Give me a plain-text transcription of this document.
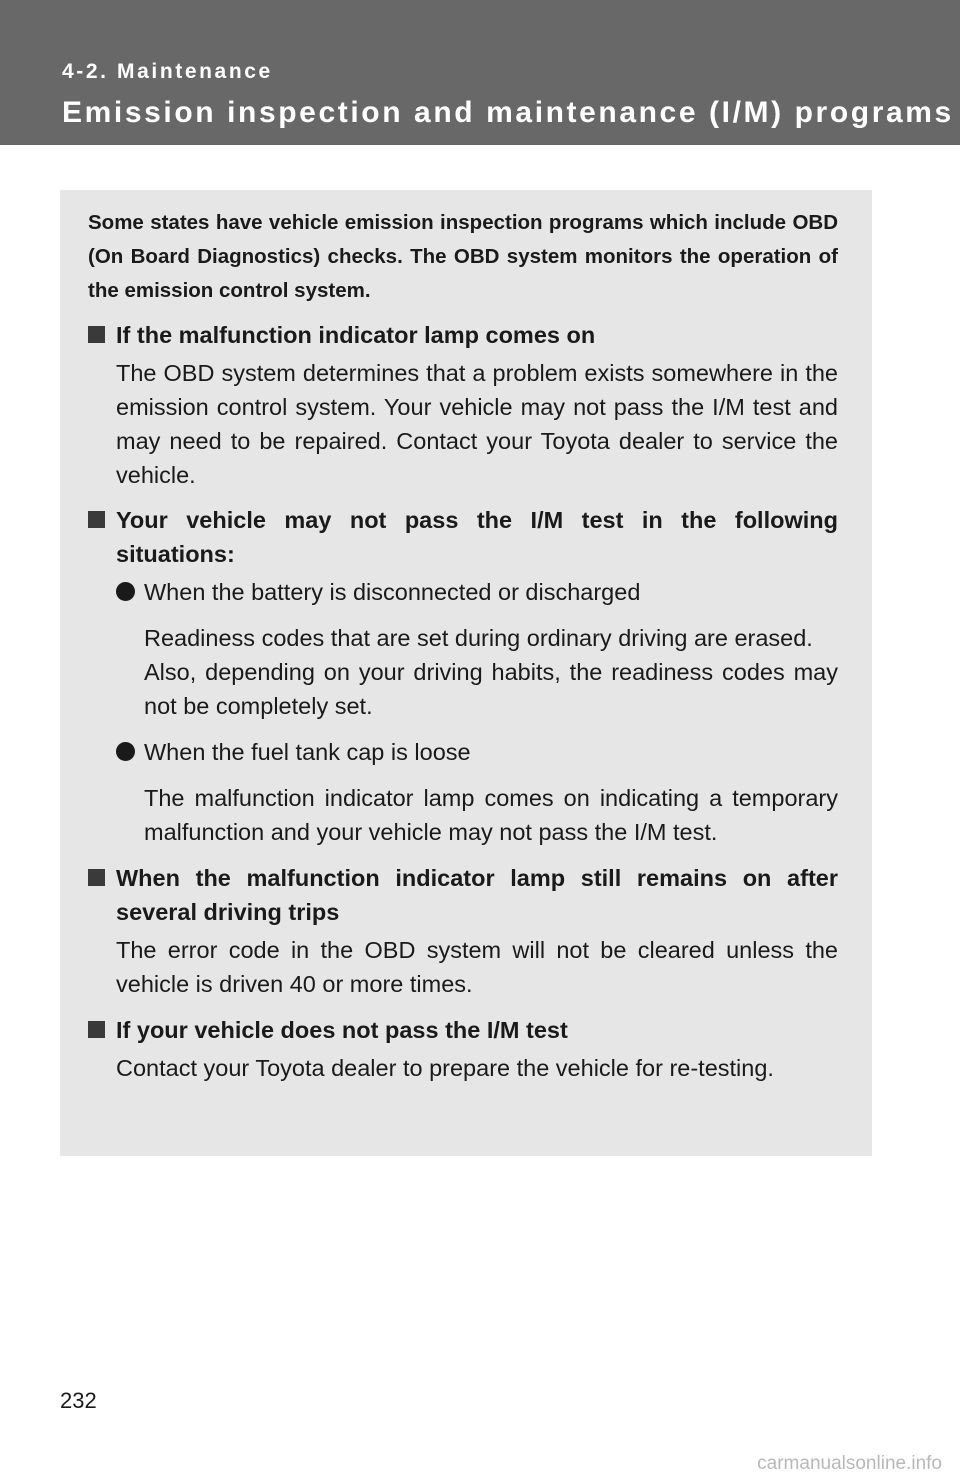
4-2. Maintenance
Emission inspection and maintenance (I/M) programs

Some states have vehicle emission inspection programs which include OBD (On Board Diagnostics) checks. The OBD system monitors the operation of the emission control system.

If the malfunction indicator lamp comes on

The OBD system determines that a problem exists somewhere in the emission control system. Your vehicle may not pass the I/M test and may need to be repaired. Contact your Toyota dealer to service the vehicle.

Your vehicle may not pass the I/M test in the following situations:

When the battery is disconnected or discharged

Readiness codes that are set during ordinary driving are erased.
Also, depending on your driving habits, the readiness codes may not be completely set.

When the fuel tank cap is loose

The malfunction indicator lamp comes on indicating a temporary malfunction and your vehicle may not pass the I/M test.

When the malfunction indicator lamp still remains on after several driving trips

The error code in the OBD system will not be cleared unless the vehicle is driven 40 or more times.

If your vehicle does not pass the I/M test

Contact your Toyota dealer to prepare the vehicle for re-testing.

232
carmanualsonline.info
